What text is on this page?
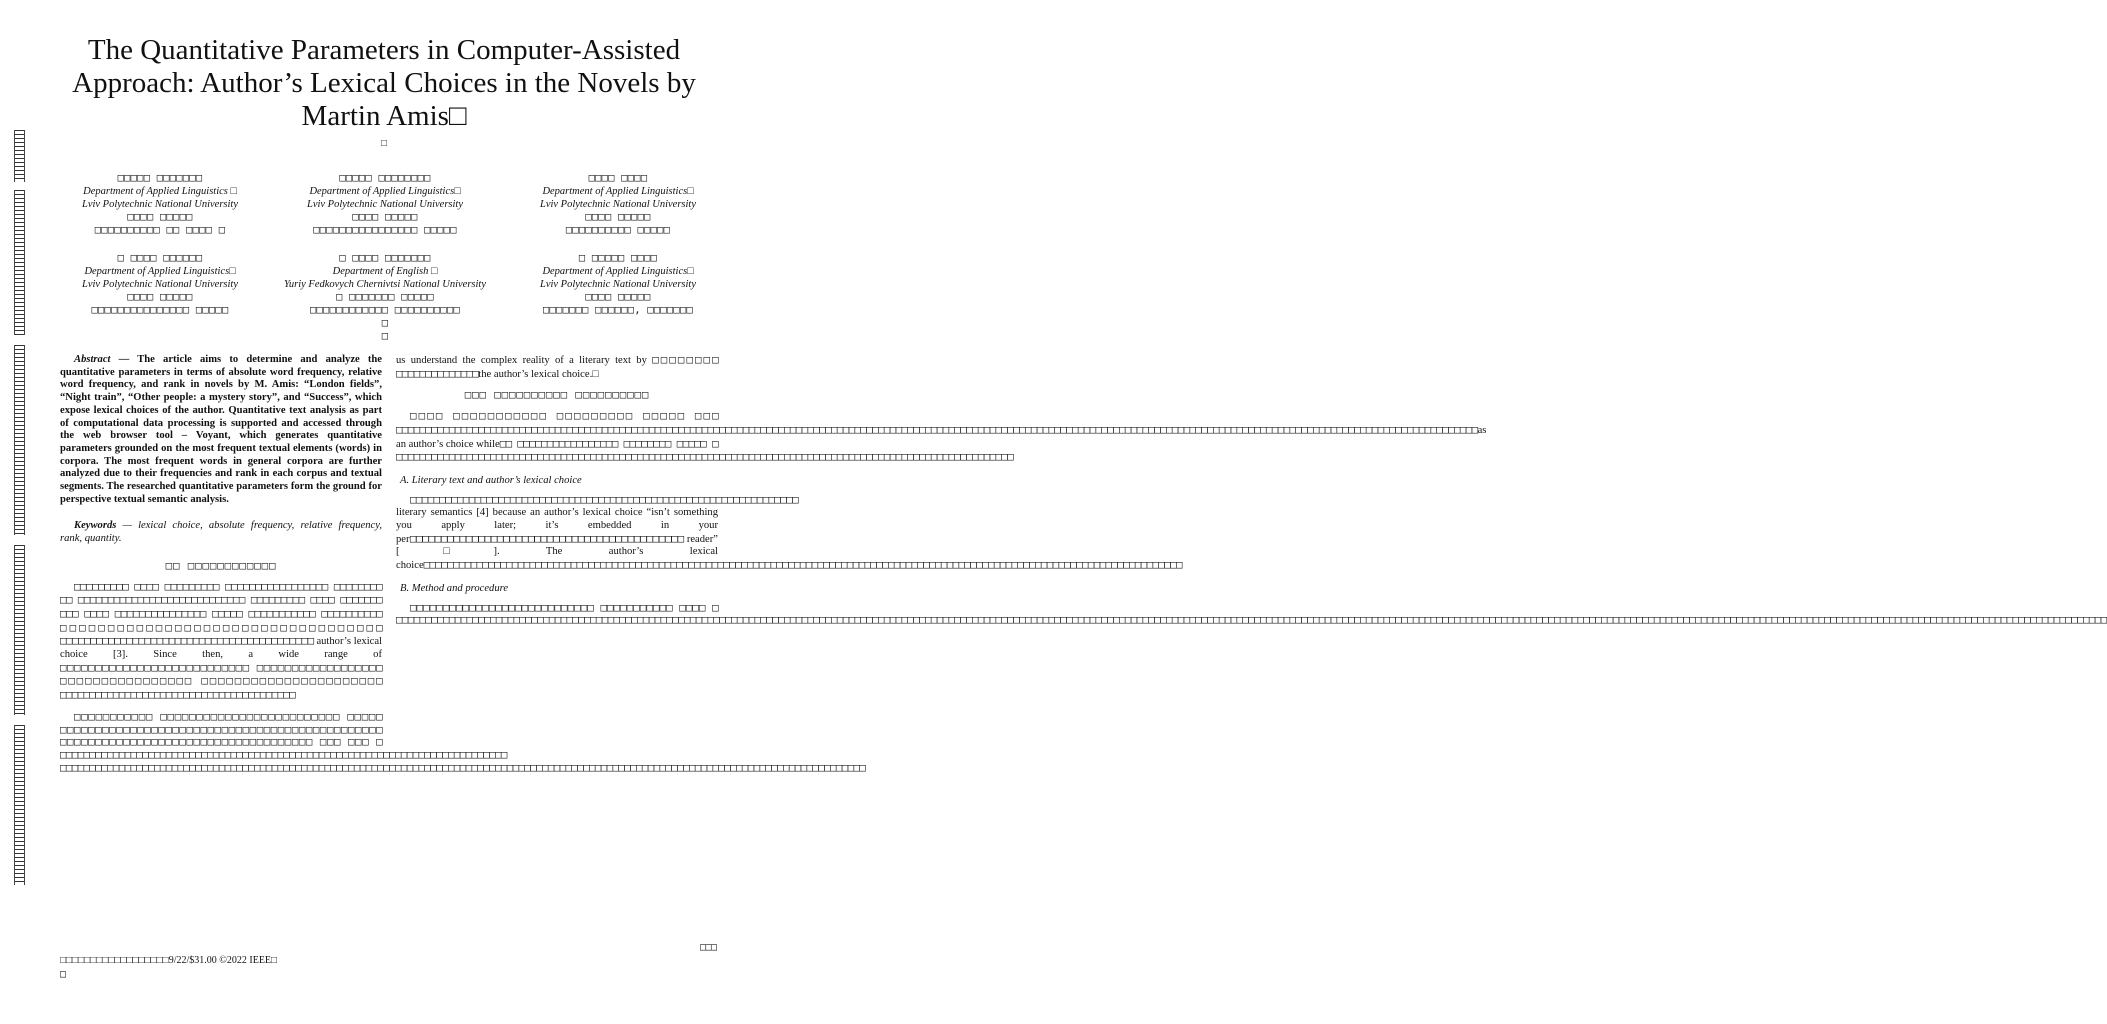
The Quantitative Parameters in Computer-Assisted Approach: Author’s Lexical Choices in the Novels by Martin Amis□
□
□□□□□ □□□□□□□
Department of Applied Linguistics □
Lviv Polytechnic National University
□□□□ □□□□□
□□□□□□□□□□ □□ □□□□ □
□□□□□ □□□□□□□□
Department of Applied Linguistics□
Lviv Polytechnic National University
□□□□ □□□□□
□□□□□□□□□□□□□□□□ □□□□□
□□□□ □□□□
Department of Applied Linguistics□
Lviv Polytechnic National University
□□□□ □□□□□
□□□□□□□□□□ □□□□□
□ □□□□ □□□□□□
Department of Applied Linguistics□
Lviv Polytechnic National University
□□□□ □□□□□
□□□□□□□□□□□□□□□ □□□□□
□ □□□□ □□□□□□□
Department of English □
Yuriy Fedkovych Chernivtsi National University
□ □□□□□□□ □□□□□
□□□□□□□□□□□□ □□□□□□□□□□
□
□
□ □□□□□ □□□□
Department of Applied Linguistics□
Lviv Polytechnic National University
□□□□ □□□□□
□□□□□□□ □□□□□□, □□□□□□□

Abstract — The article aims to determine and analyze the quantitative parameters in terms of absolute word frequency, relative word frequency, and rank in novels by M. Amis: “London fields”, “Night train”, “Other people: a mystery story”, and “Success”, which expose lexical choices of the author. Quantitative text analysis as part of computational data processing is supported and accessed through the web browser tool – Voyant, which generates quantitative parameters grounded on the most frequent textual elements (words) in corpora. The most frequent words in general corpora are further analyzed due to their frequencies and rank in each corpus and textual segments. The researched quantitative parameters form the ground for perspective textual semantic analysis.

Keywords — lexical choice, absolute frequency, relative frequency, rank, quantity.

□□ □□□□□□□□□□□□

□□□□□□□□□ □□□□ □□□□□□□□□ □□□□□□□□□□□□□□□□□ □□□□□□□□ □□ □□□□□□□□□□□□□□□□□□□□□□□□□□□□ □□□□□□□□□ □□□□ □□□□□□□ □□□ □□□□ □□□□□□□□□□□□□□□ □□□□□ □□□□□□□□□□□ □□□□□□□□□□ □□□□□□□□□□□□□□□□□□□□□□□□□□□□□□□□□□ □□□□□□□□□□□□□□□□□□□□□□□□□□□□□□□□□□□□□□□□□□ author’s lexical choice [3]. Since then, a wide range of □□□□□□□□□□□□□□□□□□□□□□□□□□□ □□□□□□□□□□□□□□□□□□ □□□□□□□□□□□□□□□□ □□□□□□□□□□□□□□□□□□□□□□ □□□□□□□□□□□□□□□□□□□□□□□□□□□□□□□□□□□□□□□□

□□□□□□□□□□□ □□□□□□□□□□□□□□□□□□□□□□□□□ □□□□□ □□□□□□□□□□□□□□□□□□□□□□□□□□□□□□□□□□□□□□□□□□□□□□ □□□□□□□□□□□□□□□□□□□□□□□□□□□□□□□□□□□□ □□□ □□□ □ □□□□□□□□□□□□□□□□□□□□□□□□□□□□□□□□□□□□□□□□□□□□□□□□□□□□□□□□□□□□□□□□□□□□□□□□□□□□ □□□□□□□□□□□□□□□□□□□□□□□□□□□□□□□□□□□□□□□□□□□□□□□□□□□□□□□□□□□□□□□□□□□□□□□□□□□□□□□□□□□□□□□□□□□□□□□□□□□□□□□□□□□□□□□□□□□□□□□□□□□□□□□□□□□□□□□□□

us understand the complex reality of a literary text by □□□□□□□□ □□□□□□□□□□□□□□the author’s lexical choice.□

□□□ □□□□□□□□□□ □□□□□□□□□□

□□□□ □□□□□□□□□□□ □□□□□□□□□ □□□□□ □□□ □□□□□□□□□□□□□□□□□□□□□□□□□□□□□□□□□□□□□□□□□□□□□□□□□□□□□□□□□□□□□□□□□□□□□□□□□□□□□□□□□□□□□□□□□□□□□□□□□□□□□□□□□□□□□□□□□□□□□□□□□□□□□□□□□□□□□□□□□□□□□□□□□□□□□□□□□□□□□□□□□□□□□□□□□□□□□□□□□□□□□□□□as an author’s choice while□□ □□□□□□□□□□□□□□□□□ □□□□□□□□ □□□□□ □ □□□□□□□□□□□□□□□□□□□□□□□□□□□□□□□□□□□□□□□□□□□□□□□□□□□□□□□□□□□□□□□□□□□□□□□□□□□□□□□□□□□□□□□□□□□□□□□□□□□□□□□□□

A. Literary text and author’s lexical choice

□□□□□□□□□□□□□□□□□□□□□□□□□□□□□□□□□□□□□□□□□□□□□□□□□□□□□□□□□□□□□□□□□□ literary semantics [4] because an author’s lexical choice “isn’t something you apply later; it’s embedded in your per□□□□□□□□□□□□□□□□□□□□□□□□□□□□□□□□□□□□□□□□□□□□ reader” [□]. The author’s lexical choice□□□□□□□□□□□□□□□□□□□□□□□□□□□□□□□□□□□□□□□□□□□□□□□□□□□□□□□□□□□□□□□□□□□□□□□□□□□□□□□□□□□□□□□□□□□□□□□□□□□□□□□□□□□□□□□□□□□□□□□□□□□□□□□□□

B. Method and procedure

□□□□□□□□□□□□□□□□□□□□□□□□□□□□ □□□□□□□□□□□ □□□□ □ □□□□□□□□□□□□□□□□□□□□□□□□□□□□□□□□□□□□□□□□□□□□□□□□□□□□□□□□□□□□□□□□□□□□□□□□□□□□□□□□□□□□□□□□□□□□□□□□□□□□□□□□□□□□□□□□□□□□□□□□□□□□□□□□□□□□□□□□□□□□□□□□□□□□□□□□□□□□□□□□□□□□□□□□□□□□□□□□□□□□□□□□□□□□□□□□□□□□□□□□□□□□□□□□□□□□□□□□□□□□□□□□□□□□□□□□□□□□□□□□□□□□□□□□□□□□□□□□□□□□□□□□□□□□□□□□□□□□□□□□□□□□□□□□□□□

□□□
□□□□□□□□□□□□□□□□□□9/22/$31.00 ©2022 IEEE□
□
